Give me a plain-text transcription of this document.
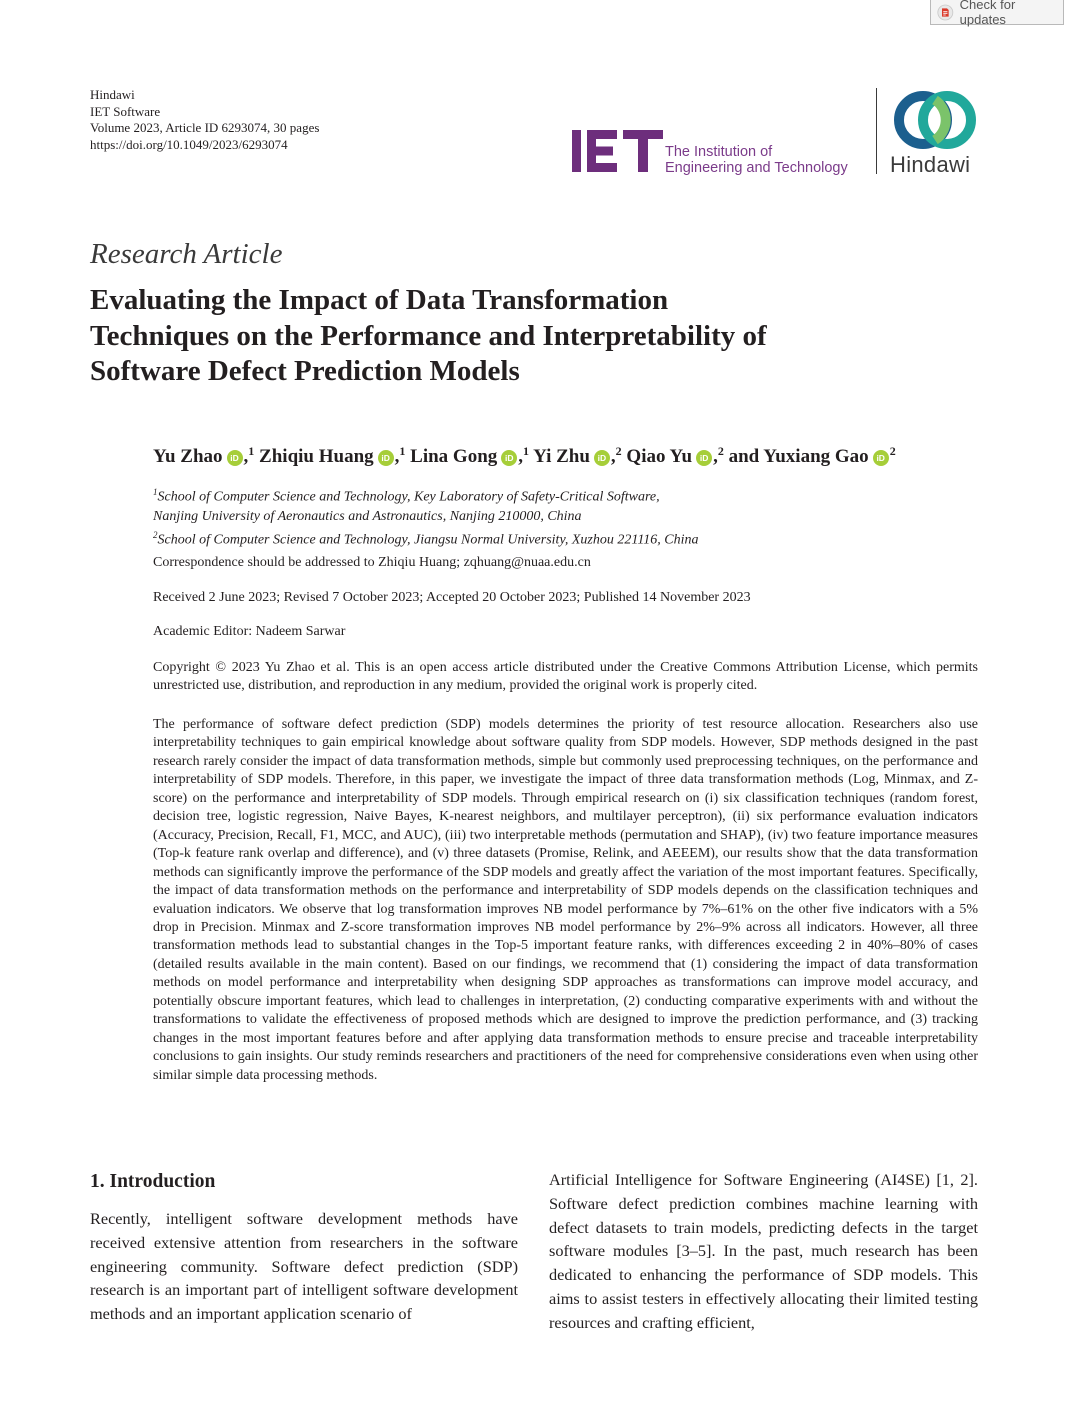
Check for updates
Hindawi
IET Software
Volume 2023, Article ID 6293074, 30 pages
https://doi.org/10.1049/2023/6293074	The Institution of
Engineering and Technology Hindawi
Research Article
Evaluating the Impact of Data Transformation
Techniques on the Performance and Interpretability of
Software Defect Prediction Models
Yu Zhao iD ,$^1$ Zhiqiu Huang iD ,$^1$ Lina Gong iD ,$^1$ Yi Zhu iD ,$^2$ Qiao Yu iD ,$^2$ and Yuxiang Gao iD $^2$
$^1$School of Computer Science and Technology, Key Laboratory of Safety-Critical Software,
Nanjing University of Aeronautics and Astronautics, Nanjing 210000, China
$^2$School of Computer Science and Technology, Jiangsu Normal University, Xuzhou 221116, China
Correspondence should be addressed to Zhiqiu Huang; zqhuang@nuaa.edu.cn
Received 2 June 2023; Revised 7 October 2023; Accepted 20 October 2023; Published 14 November 2023
Academic Editor: Nadeem Sarwar
Copyright © 2023 Yu Zhao et al. This is an open access article distributed under the Creative Commons Attribution License, which permits unrestricted use, distribution, and reproduction in any medium, provided the original work is properly cited.
The performance of software defect prediction (SDP) models determines the priority of test resource allocation. Researchers also use interpretability techniques to gain empirical knowledge about software quality from SDP models. However, SDP methods designed in the past research rarely consider the impact of data transformation methods, simple but commonly used preprocessing techniques, on the performance and interpretability of SDP models. Therefore, in this paper, we investigate the impact of three data transformation methods (Log, Minmax, and Z-score) on the performance and interpretability of SDP models. Through empirical research on (i) six classification techniques (random forest, decision tree, logistic regression, Naive Bayes, K-nearest neighbors, and multilayer perceptron), (ii) six performance evaluation indicators (Accuracy, Precision, Recall, F1, MCC, and AUC), (iii) two interpretable methods (permutation and SHAP), (iv) two feature importance measures (Top-k feature rank overlap and difference), and (v) three datasets (Promise, Relink, and AEEEM), our results show that the data transformation methods can significantly improve the performance of the SDP models and greatly affect the variation of the most important features. Specifically, the impact of data transformation methods on the performance and interpretability of SDP models depends on the classification techniques and evaluation indicators. We observe that log transformation improves NB model performance by 7%–61% on the other five indicators with a 5% drop in Precision. Minmax and Z-score transformation improves NB model performance by 2%–9% across all indicators. However, all three transformation methods lead to substantial changes in the Top-5 important feature ranks, with differences exceeding 2 in 40%–80% of cases (detailed results available in the main content). Based on our findings, we recommend that (1) considering the impact of data transformation methods on model performance and interpretability when designing SDP approaches as transformations can improve model accuracy, and potentially obscure important features, which lead to challenges in interpretation, (2) conducting comparative experiments with and without the transformations to validate the effectiveness of proposed methods which are designed to improve the prediction performance, and (3) tracking changes in the most important features before and after applying data transformation methods to ensure precise and traceable interpretability conclusions to gain insights. Our study reminds researchers and practitioners of the need for comprehensive considerations even when using other similar simple data processing methods.
1. Introduction
Recently, intelligent software development methods have received extensive attention from researchers in the software engineering community. Software defect prediction (SDP) research is an important part of intelligent software development methods and an important application scenario of
Artificial Intelligence for Software Engineering (AI4SE) [1, 2]. Software defect prediction combines machine learning with defect datasets to train models, predicting defects in the target software modules [3–5]. In the past, much research has been dedicated to enhancing the performance of SDP models. This aims to assist testers in effectively allocating their limited testing resources and crafting efficient,
